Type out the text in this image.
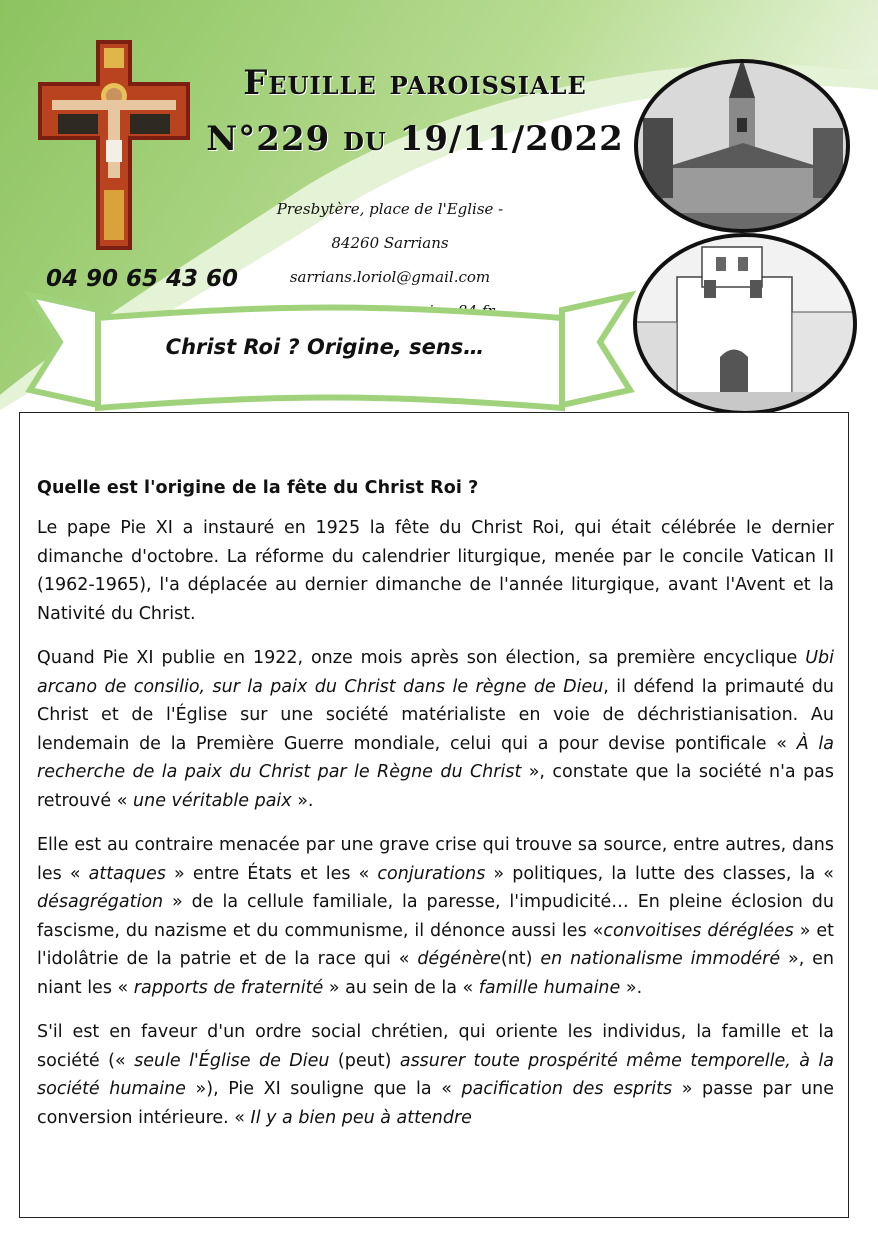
Feuille paroissiale
N°229 du 19/11/2022
Presbytère, place de l'Eglise -
84260 Sarrians
sarrians.loriol@gmail.com
04 90 65 43 60
Christ Roi ? Origine, sens…

Quelle est l'origine de la fête du Christ Roi ?

Le pape Pie XI a instauré en 1925 la fête du Christ Roi, qui était célébrée le dernier dimanche d'octobre. La réforme du calendrier liturgique, menée par le concile Vatican II (1962-1965), l'a déplacée au dernier dimanche de l'année liturgique, avant l'Avent et la Nativité du Christ.

Quand Pie XI publie en 1922, onze mois après son élection, sa première encyclique Ubi arcano de consilio, sur la paix du Christ dans le règne de Dieu, il défend la primauté du Christ et de l'Église sur une société matérialiste en voie de déchristianisation. Au lendemain de la Première Guerre mondiale, celui qui a pour devise pontificale « À la recherche de la paix du Christ par le Règne du Christ », constate que la société n'a pas retrouvé « une véritable paix ».

Elle est au contraire menacée par une grave crise qui trouve sa source, entre autres, dans les « attaques » entre États et les « conjurations » politiques, la lutte des classes, la « désagrégation » de la cellule familiale, la paresse, l'impudicité… En pleine éclosion du fascisme, du nazisme et du communisme, il dénonce aussi les «convoitises déréglées » et l'idolâtrie de la patrie et de la race qui « dégénère(nt) en nationalisme immodéré », en niant les « rapports de fraternité » au sein de la « famille humaine ».

S'il est en faveur d'un ordre social chrétien, qui oriente les individus, la famille et la société (« seule l'Église de Dieu (peut) assurer toute prospérité même temporelle, à la société humaine »), Pie XI souligne que la « pacification des esprits » passe par une conversion intérieure. « Il y a bien peu à attendre
